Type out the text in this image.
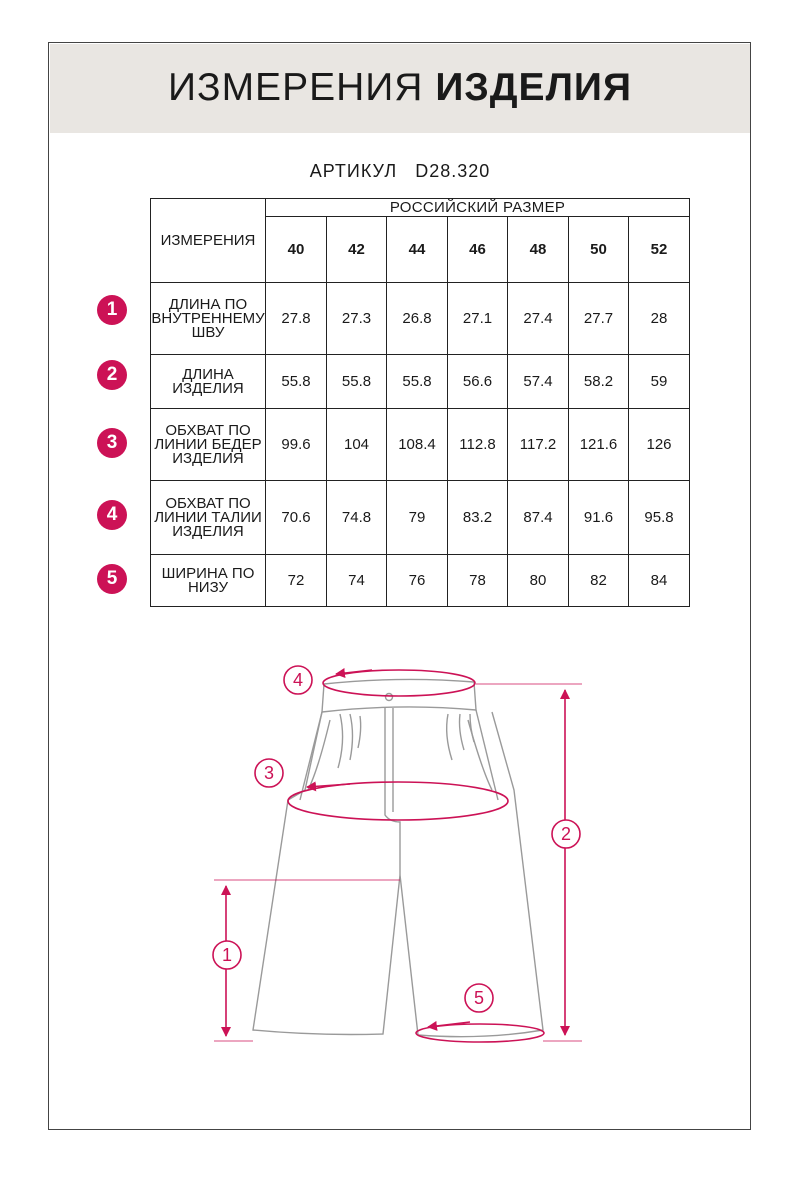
ИЗМЕРЕНИЯ ИЗДЕЛИЯ
АРТИКУЛ D28.320
ИЗМЕРЕНИЯ	РОССИЙСКИЙ РАЗМЕР						
	40	42	44	46	48	50	52
ДЛИНА ПО ВНУТРЕННЕМУ ШВУ	27.8	27.3	26.8	27.1	27.4	27.7	28
ДЛИНА ИЗДЕЛИЯ	55.8	55.8	55.8	56.6	57.4	58.2	59
ОБХВАТ ПО ЛИНИИ БЕДЕР ИЗДЕЛИЯ	99.6	104	108.4	112.8	117.2	121.6	126
ОБХВАТ ПО ЛИНИИ ТАЛИИ ИЗДЕЛИЯ	70.6	74.8	79	83.2	87.4	91.6	95.8
ШИРИНА ПО НИЗУ	72	74	76	78	80	82	84
1
2
3
4
5
4
3
2
1
5
